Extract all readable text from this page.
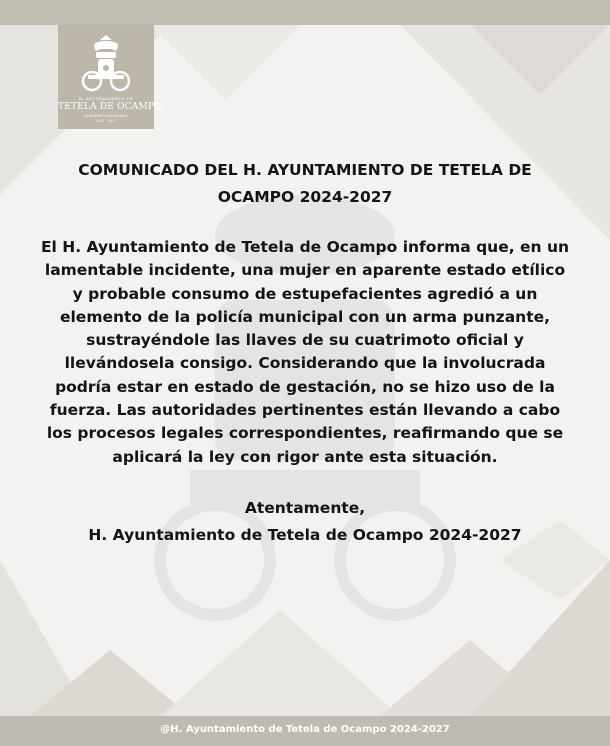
H. AYUNTAMIENTO DE
TETELA DE OCAMPO
GOBIERNO MUNICIPAL
2024 - 2027

COMUNICADO DEL H. AYUNTAMIENTO DE TETELA DE OCAMPO 2024-2027

El H. Ayuntamiento de Tetela de Ocampo informa que, en un lamentable incidente, una mujer en aparente estado etílico y probable consumo de estupefacientes agredió a un elemento de la policía municipal con un arma punzante, sustrayéndole las llaves de su cuatrimoto oficial y llevándosela consigo. Considerando que la involucrada podría estar en estado de gestación, no se hizo uso de la fuerza. Las autoridades pertinentes están llevando a cabo los procesos legales correspondientes, reafirmando que se aplicará la ley con rigor ante esta situación.

Atentamente,
H. Ayuntamiento de Tetela de Ocampo 2024-2027
@H. Ayuntamiento de Tetela de Ocampo 2024-2027
